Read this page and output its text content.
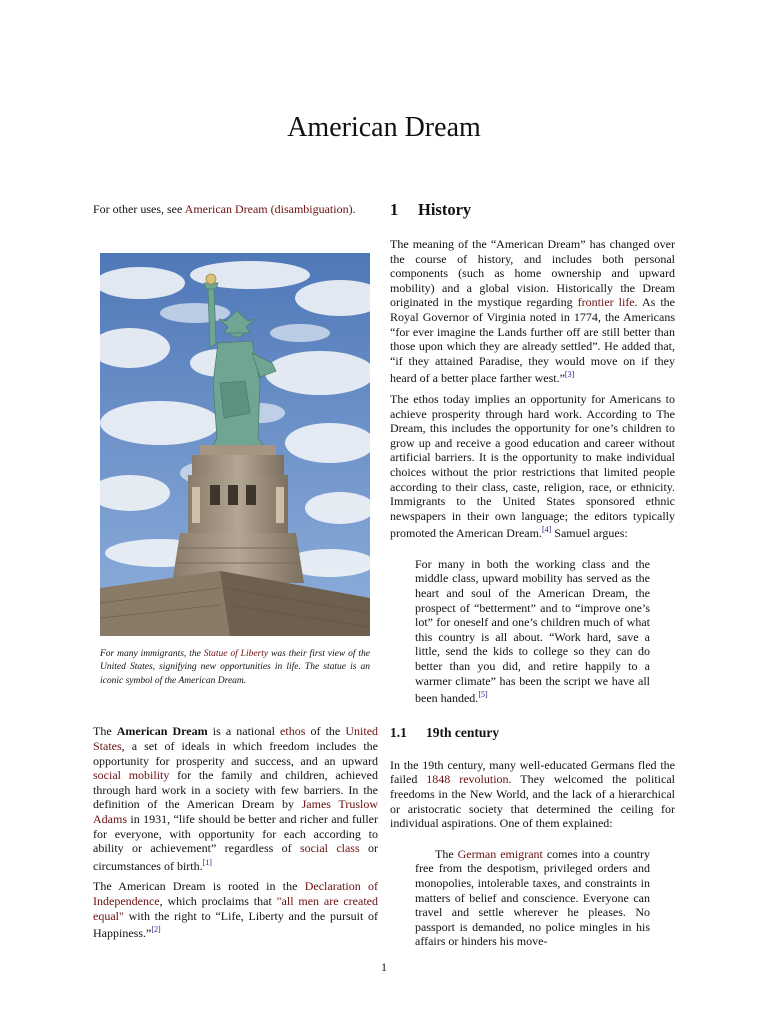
American Dream

For other uses, see American Dream (disambiguation).

For many immigrants, the Statue of Liberty was their first view of the United States, signifying new opportunities in life. The statue is an iconic symbol of the American Dream.

The American Dream is a national ethos of the United States, a set of ideals in which freedom includes the opportunity for prosperity and success, and an upward social mobility for the family and children, achieved through hard work in a society with few barriers. In the definition of the American Dream by James Truslow Adams in 1931, “life should be better and richer and fuller for everyone, with opportunity for each according to ability or achievement” regardless of social class or circumstances of birth.[1]

The American Dream is rooted in the Declaration of Independence, which proclaims that "all men are created equal" with the right to “Life, Liberty and the pursuit of Happiness.”[2]

1 History

The meaning of the “American Dream” has changed over the course of history, and includes both personal components (such as home ownership and upward mobility) and a global vision. Historically the Dream originated in the mystique regarding frontier life. As the Royal Governor of Virginia noted in 1774, the Americans “for ever imagine the Lands further off are still better than those upon which they are already settled”. He added that, “if they attained Paradise, they would move on if they heard of a better place farther west.”[3]

The ethos today implies an opportunity for Americans to achieve prosperity through hard work. According to The Dream, this includes the opportunity for one’s children to grow up and receive a good education and career without artificial barriers. It is the opportunity to make individual choices without the prior restrictions that limited people according to their class, caste, religion, race, or ethnicity. Immigrants to the United States sponsored ethnic newspapers in their own language; the editors typically promoted the American Dream.[4] Samuel argues:

For many in both the working class and the middle class, upward mobility has served as the heart and soul of the American Dream, the prospect of “betterment” and to “improve one’s lot” for oneself and one’s children much of what this country is all about. “Work hard, save a little, send the kids to college so they can do better than you did, and retire happily to a warmer climate” has been the script we have all been handed.[5]
1.1 19th century

In the 19th century, many well-educated Germans fled the failed 1848 revolution. They welcomed the political freedoms in the New World, and the lack of a hierarchical or aristocratic society that determined the ceiling for individual aspirations. One of them explained:

The German emigrant comes into a country free from the despotism, privileged orders and monopolies, intolerable taxes, and constraints in matters of belief and conscience. Everyone can travel and settle wherever he pleases. No passport is demanded, no police mingles in his affairs or hinders his move-
1
